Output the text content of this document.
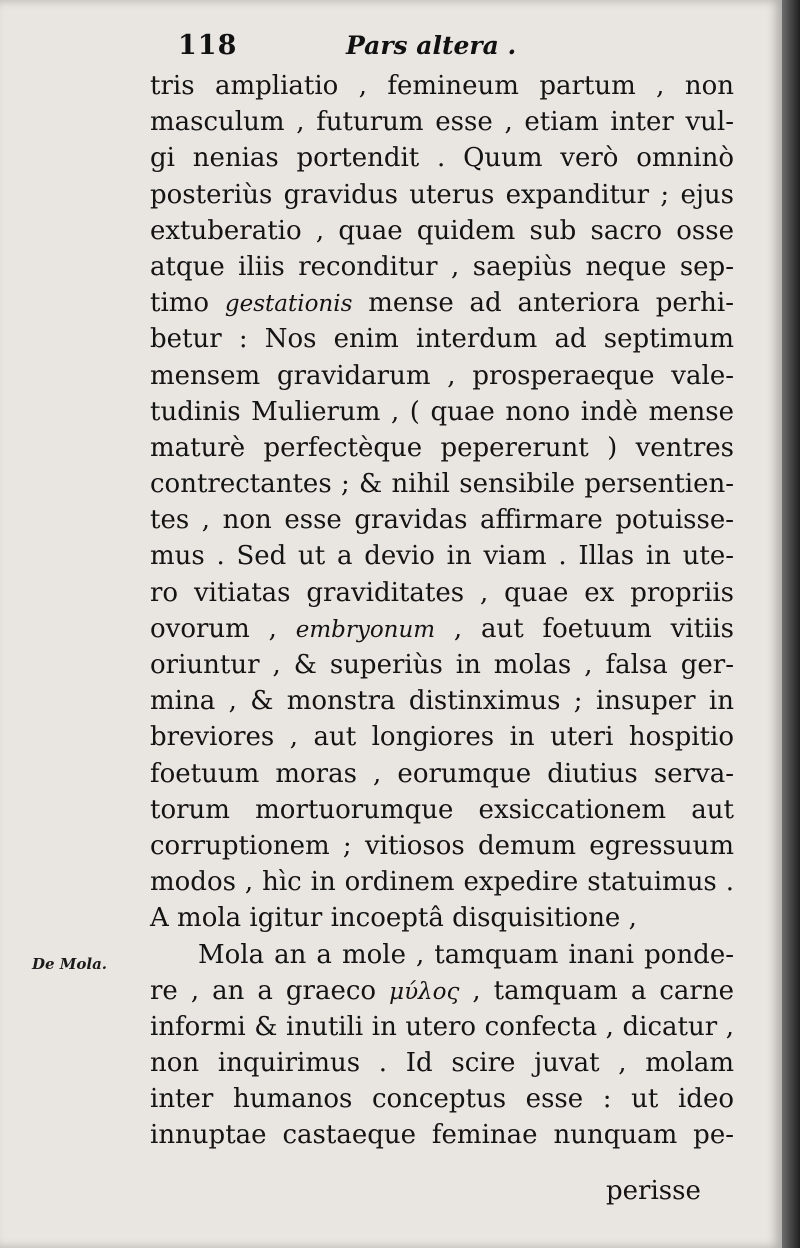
118	Pars altera .
tris ampliatio , femineum partum , non
masculum , futurum esse , etiam inter vul-
gi nenias portendit . Quum verò omninò
posteriùs gravidus uterus expanditur ; ejus
extuberatio , quae quidem sub sacro osse
atque iliis reconditur , saepiùs neque sep-
timo gestationis mense ad anteriora perhi-
betur : Nos enim interdum ad septimum
mensem gravidarum , prosperaeque vale-
tudinis Mulierum , ( quae nono indè mense
maturè perfectèque pepererunt ) ventres
contrectantes ; & nihil sensibile persentien-
tes , non esse gravidas affirmare potuisse-
mus . Sed ut a devio in viam . Illas in ute-
ro vitiatas graviditates , quae ex propriis
ovorum , embryonum , aut foetuum vitiis
oriuntur , & superiùs in molas , falsa ger-
mina , & monstra distinximus ; insuper in
breviores , aut longiores in uteri hospitio
foetuum moras , eorumque diutius serva-
torum mortuorumque exsiccationem aut
corruptionem ; vitiosos demum egressuum
modos , hìc in ordinem expedire statuimus .
A mola igitur incoeptâ disquisitione ,
Mola an a mole , tamquam inani ponde-
re , an a graeco μύλος , tamquam a carne
informi & inutili in utero confecta , dicatur ,
non inquirimus . Id scire juvat , molam
inter humanos conceptus esse : ut ideo
innuptae castaeque feminae nunquam pe-
De Mola.
perisse
